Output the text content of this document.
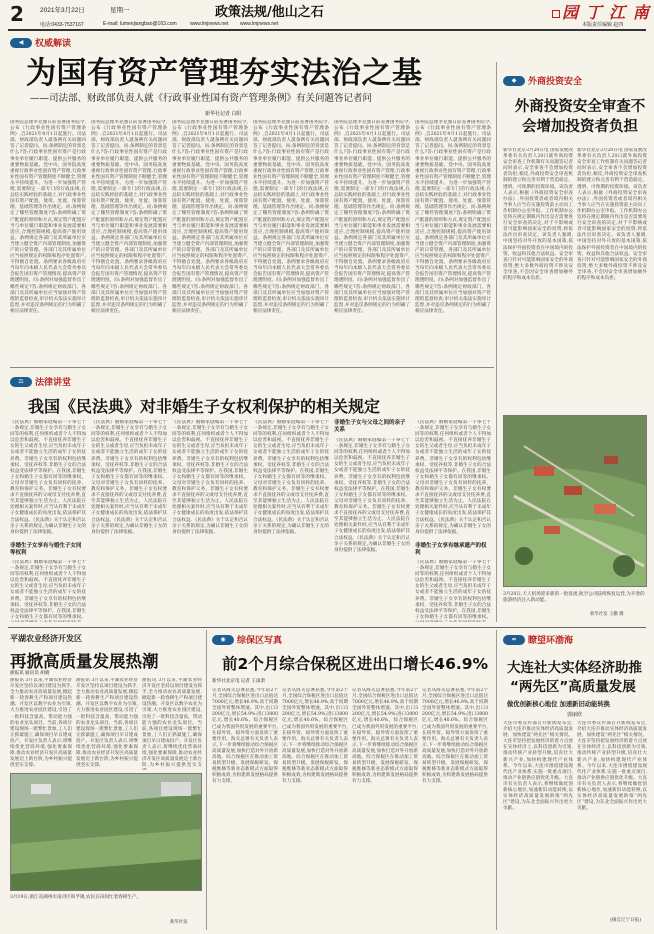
2 2021年3月22日	星期一	政策法规/他山之石	园 丁 江 南
电话:0433-7537167	E-mail: lumenjiangbao@163.com	www.lmjnews.net www.lmjnews.net	本版责任编辑 赵四
◀	权威解读
为国有资产管理夯实法治之基
——司法部、财政部负责人就《行政事业性国有资产管理条例》有关问题答记者问
新华社记者 白阳
国务院总理李克强日前签署国务院令,公布《行政事业性国有资产管理条例》,自2021年4月1日起施行。司法部、财政部负责人就条例有关问题回答了记者提问。问:条例制定的背景是什么?答:行政事业性国有资产是行政事业单位履行职能、提供公共服务的重要物质基础。党中央、国务院高度重视行政事业性国有资产管理,行政事业性国有资产管理制度不断健全,管理水平持续提升。为进一步加强资产管理,需要制定一部专门的行政法规,在总结实践经验的基础上,对行政事业性国有资产配置、使用、处置、预算管理、基础管理等作出规定。问:条例规定了哪些管理制度?答:条例明确了资产配置的原则和方式,规定资产配置应当与单位履行职能和事业发展需要相适应,合理控制规模,提高资产使用效益。条例规定各部门及其所属单位应当建立健全资产内部管理制度,加强资产的日常管理。各部门及其所属单位应当按照规定的权限和程序处置资产,不得擅自处置。条例要求各级政府应当每年向本级人民代表大会常务委员会报告国有资产管理情况,提高资产管理透明度。问:条例对加强监督作出了哪些规定?答:条例规定财政部门、各部门及其所属单位应当加强对资产管理的监督检查,审计机关依法实施审计监督,并对违反条例规定的行为明确了相应法律责任。
国务院总理李克强日前签署国务院令,公布《行政事业性国有资产管理条例》,自2021年4月1日起施行。司法部、财政部负责人就条例有关问题回答了记者提问。问:条例制定的背景是什么?答:行政事业性国有资产是行政事业单位履行职能、提供公共服务的重要物质基础。党中央、国务院高度重视行政事业性国有资产管理,行政事业性国有资产管理制度不断健全,管理水平持续提升。为进一步加强资产管理,需要制定一部专门的行政法规,在总结实践经验的基础上,对行政事业性国有资产配置、使用、处置、预算管理、基础管理等作出规定。问:条例规定了哪些管理制度?答:条例明确了资产配置的原则和方式,规定资产配置应当与单位履行职能和事业发展需要相适应,合理控制规模,提高资产使用效益。条例规定各部门及其所属单位应当建立健全资产内部管理制度,加强资产的日常管理。各部门及其所属单位应当按照规定的权限和程序处置资产,不得擅自处置。条例要求各级政府应当每年向本级人民代表大会常务委员会报告国有资产管理情况,提高资产管理透明度。问:条例对加强监督作出了哪些规定?答:条例规定财政部门、各部门及其所属单位应当加强对资产管理的监督检查,审计机关依法实施审计监督,并对违反条例规定的行为明确了相应法律责任。
国务院总理李克强日前签署国务院令,公布《行政事业性国有资产管理条例》,自2021年4月1日起施行。司法部、财政部负责人就条例有关问题回答了记者提问。问:条例制定的背景是什么?答:行政事业性国有资产是行政事业单位履行职能、提供公共服务的重要物质基础。党中央、国务院高度重视行政事业性国有资产管理,行政事业性国有资产管理制度不断健全,管理水平持续提升。为进一步加强资产管理,需要制定一部专门的行政法规,在总结实践经验的基础上,对行政事业性国有资产配置、使用、处置、预算管理、基础管理等作出规定。问:条例规定了哪些管理制度?答:条例明确了资产配置的原则和方式,规定资产配置应当与单位履行职能和事业发展需要相适应,合理控制规模,提高资产使用效益。条例规定各部门及其所属单位应当建立健全资产内部管理制度,加强资产的日常管理。各部门及其所属单位应当按照规定的权限和程序处置资产,不得擅自处置。条例要求各级政府应当每年向本级人民代表大会常务委员会报告国有资产管理情况,提高资产管理透明度。问:条例对加强监督作出了哪些规定?答:条例规定财政部门、各部门及其所属单位应当加强对资产管理的监督检查,审计机关依法实施审计监督,并对违反条例规定的行为明确了相应法律责任。
国务院总理李克强日前签署国务院令,公布《行政事业性国有资产管理条例》,自2021年4月1日起施行。司法部、财政部负责人就条例有关问题回答了记者提问。问:条例制定的背景是什么?答:行政事业性国有资产是行政事业单位履行职能、提供公共服务的重要物质基础。党中央、国务院高度重视行政事业性国有资产管理,行政事业性国有资产管理制度不断健全,管理水平持续提升。为进一步加强资产管理,需要制定一部专门的行政法规,在总结实践经验的基础上,对行政事业性国有资产配置、使用、处置、预算管理、基础管理等作出规定。问:条例规定了哪些管理制度?答:条例明确了资产配置的原则和方式,规定资产配置应当与单位履行职能和事业发展需要相适应,合理控制规模,提高资产使用效益。条例规定各部门及其所属单位应当建立健全资产内部管理制度,加强资产的日常管理。各部门及其所属单位应当按照规定的权限和程序处置资产,不得擅自处置。条例要求各级政府应当每年向本级人民代表大会常务委员会报告国有资产管理情况,提高资产管理透明度。问:条例对加强监督作出了哪些规定?答:条例规定财政部门、各部门及其所属单位应当加强对资产管理的监督检查,审计机关依法实施审计监督,并对违反条例规定的行为明确了相应法律责任。
国务院总理李克强日前签署国务院令,公布《行政事业性国有资产管理条例》,自2021年4月1日起施行。司法部、财政部负责人就条例有关问题回答了记者提问。问:条例制定的背景是什么?答:行政事业性国有资产是行政事业单位履行职能、提供公共服务的重要物质基础。党中央、国务院高度重视行政事业性国有资产管理,行政事业性国有资产管理制度不断健全,管理水平持续提升。为进一步加强资产管理,需要制定一部专门的行政法规,在总结实践经验的基础上,对行政事业性国有资产配置、使用、处置、预算管理、基础管理等作出规定。问:条例规定了哪些管理制度?答:条例明确了资产配置的原则和方式,规定资产配置应当与单位履行职能和事业发展需要相适应,合理控制规模,提高资产使用效益。条例规定各部门及其所属单位应当建立健全资产内部管理制度,加强资产的日常管理。各部门及其所属单位应当按照规定的权限和程序处置资产,不得擅自处置。条例要求各级政府应当每年向本级人民代表大会常务委员会报告国有资产管理情况,提高资产管理透明度。问:条例对加强监督作出了哪些规定?答:条例规定财政部门、各部门及其所属单位应当加强对资产管理的监督检查,审计机关依法实施审计监督,并对违反条例规定的行为明确了相应法律责任。
国务院总理李克强日前签署国务院令,公布《行政事业性国有资产管理条例》,自2021年4月1日起施行。司法部、财政部负责人就条例有关问题回答了记者提问。问:条例制定的背景是什么?答:行政事业性国有资产是行政事业单位履行职能、提供公共服务的重要物质基础。党中央、国务院高度重视行政事业性国有资产管理,行政事业性国有资产管理制度不断健全,管理水平持续提升。为进一步加强资产管理,需要制定一部专门的行政法规,在总结实践经验的基础上,对行政事业性国有资产配置、使用、处置、预算管理、基础管理等作出规定。问:条例规定了哪些管理制度?答:条例明确了资产配置的原则和方式,规定资产配置应当与单位履行职能和事业发展需要相适应,合理控制规模,提高资产使用效益。条例规定各部门及其所属单位应当建立健全资产内部管理制度,加强资产的日常管理。各部门及其所属单位应当按照规定的权限和程序处置资产,不得擅自处置。条例要求各级政府应当每年向本级人民代表大会常务委员会报告国有资产管理情况,提高资产管理透明度。问:条例对加强监督作出了哪些规定?答:条例规定财政部门、各部门及其所属单位应当加强对资产管理的监督检查,审计机关依法实施审计监督,并对违反条例规定的行为明确了相应法律责任。
⚖	法律讲堂
我国《民法典》对非婚生子女权利保护的相关规定
《民法典》婚姻家庭编第一千零七十一条规定,非婚生子女享有与婚生子女同等的权利,任何组织或者个人不得加以危害和歧视。不直接抚养非婚生子女的生父或者生母,应当负担未成年子女或者不能独立生活的成年子女的抚养费。非婚生子女享有的权利包括继承权、受抚养权等,非婚生子女的合法权益受法律平等保护。在我国,非婚生子女和婚生子女都有同等的继承权。父母对非婚生子女负有同样的抚养、教育和保护义务。非婚生子女有权要求不直接抚养的父或母支付抚养费,直至其能够独立生活为止。人民法院在处理相关案件时,应当从有利于未成年子女健康成长的角度出发,依法保护其合法权益。《民法典》关于认定和否认亲子关系的规定,为确认非婚生子女的身份提供了法律依据。
非婚生子女享有与婚生子女同等权利
《民法典》婚姻家庭编第一千零七十一条规定,非婚生子女享有与婚生子女同等的权利,任何组织或者个人不得加以危害和歧视。不直接抚养非婚生子女的生父或者生母,应当负担未成年子女或者不能独立生活的成年子女的抚养费。非婚生子女享有的权利包括继承权、受抚养权等,非婚生子女的合法权益受法律平等保护。在我国,非婚生子女和婚生子女都有同等的继承权。
《民法典》婚姻家庭编第一千零七十一条规定,非婚生子女享有与婚生子女同等的权利,任何组织或者个人不得加以危害和歧视。不直接抚养非婚生子女的生父或者生母,应当负担未成年子女或者不能独立生活的成年子女的抚养费。非婚生子女享有的权利包括继承权、受抚养权等,非婚生子女的合法权益受法律平等保护。在我国,非婚生子女和婚生子女都有同等的继承权。父母对非婚生子女负有同样的抚养、教育和保护义务。非婚生子女有权要求不直接抚养的父或母支付抚养费,直至其能够独立生活为止。人民法院在处理相关案件时,应当从有利于未成年子女健康成长的角度出发,依法保护其合法权益。《民法典》关于认定和否认亲子关系的规定,为确认非婚生子女的身份提供了法律依据。
《民法典》婚姻家庭编第一千零七十一条规定,非婚生子女享有与婚生子女同等的权利,任何组织或者个人不得加以危害和歧视。不直接抚养非婚生子女的生父或者生母,应当负担未成年子女或者不能独立生活的成年子女的抚养费。非婚生子女享有的权利包括继承权、受抚养权等,非婚生子女的合法权益受法律平等保护。在我国,非婚生子女和婚生子女都有同等的继承权。父母对非婚生子女负有同样的抚养、教育和保护义务。非婚生子女有权要求不直接抚养的父或母支付抚养费,直至其能够独立生活为止。人民法院在处理相关案件时,应当从有利于未成年子女健康成长的角度出发,依法保护其合法权益。《民法典》关于认定和否认亲子关系的规定,为确认非婚生子女的身份提供了法律依据。
《民法典》婚姻家庭编第一千零七十一条规定,非婚生子女享有与婚生子女同等的权利,任何组织或者个人不得加以危害和歧视。不直接抚养非婚生子女的生父或者生母,应当负担未成年子女或者不能独立生活的成年子女的抚养费。非婚生子女享有的权利包括继承权、受抚养权等,非婚生子女的合法权益受法律平等保护。在我国,非婚生子女和婚生子女都有同等的继承权。父母对非婚生子女负有同样的抚养、教育和保护义务。非婚生子女有权要求不直接抚养的父或母支付抚养费,直至其能够独立生活为止。人民法院在处理相关案件时,应当从有利于未成年子女健康成长的角度出发,依法保护其合法权益。《民法典》关于认定和否认亲子关系的规定,为确认非婚生子女的身份提供了法律依据。
非婚生子女与父母之间的亲子关系
《民法典》婚姻家庭编第一千零七十一条规定,非婚生子女享有与婚生子女同等的权利,任何组织或者个人不得加以危害和歧视。不直接抚养非婚生子女的生父或者生母,应当负担未成年子女或者不能独立生活的成年子女的抚养费。非婚生子女享有的权利包括继承权、受抚养权等,非婚生子女的合法权益受法律平等保护。在我国,非婚生子女和婚生子女都有同等的继承权。父母对非婚生子女负有同样的抚养、教育和保护义务。非婚生子女有权要求不直接抚养的父或母支付抚养费,直至其能够独立生活为止。人民法院在处理相关案件时,应当从有利于未成年子女健康成长的角度出发,依法保护其合法权益。《民法典》关于认定和否认亲子关系的规定,为确认非婚生子女的身份提供了法律依据。
《民法典》婚姻家庭编第一千零七十一条规定,非婚生子女享有与婚生子女同等的权利,任何组织或者个人不得加以危害和歧视。不直接抚养非婚生子女的生父或者生母,应当负担未成年子女或者不能独立生活的成年子女的抚养费。非婚生子女享有的权利包括继承权、受抚养权等,非婚生子女的合法权益受法律平等保护。在我国,非婚生子女和婚生子女都有同等的继承权。父母对非婚生子女负有同样的抚养、教育和保护义务。非婚生子女有权要求不直接抚养的父或母支付抚养费,直至其能够独立生活为止。人民法院在处理相关案件时,应当从有利于未成年子女健康成长的角度出发,依法保护其合法权益。《民法典》关于认定和否认亲子关系的规定,为确认非婚生子女的身份提供了法律依据。
非婚生子女享有继承遗产的权利
《民法典》婚姻家庭编第一千零七十一条规定,非婚生子女享有与婚生子女同等的权利,任何组织或者个人不得加以危害和歧视。不直接抚养非婚生子女的生父或者生母,应当负担未成年子女或者不能独立生活的成年子女的抚养费。非婚生子女享有的权利包括继承权、受抚养权等,非婚生子女的合法权益受法律平等保护。在我国,非婚生子女和婚生子女都有同等的继承权。
◆	外商投资安全
外商投资安全审查不会增加投资者负担
新华社北京3月20日电 国家发展改革委有关负责人20日就外商投资安全审查工作机制有关问题答记者问时表示,安全审查不会增加投资者负担,相反,外商投资安全审查机制的建立和完善有利于营造稳定、透明、可预期的投资环境。该负责人表示,根据《外商投资安全审查办法》,外国投资者或者境内相关当事人应当在实施投资前主动向工作机制办公室申报。工作机制办公室将在规定期限内作出是否需要进行安全审查的决定,对于不影响或者可能影响国家安全的投资,将依法作出审查决定。该负责人强调,中国坚持对外开放的基本国策,依法保护外国投资者在中国境内的投资、收益和其他合法权益。安全审查只针对可能影响国家安全的外商投资,绝大多数外商投资不涉及安全审查,不会因安全审查增加额外的程序和成本负担。
新华社北京3月20日电 国家发展改革委有关负责人20日就外商投资安全审查工作机制有关问题答记者问时表示,安全审查不会增加投资者负担,相反,外商投资安全审查机制的建立和完善有利于营造稳定、透明、可预期的投资环境。该负责人表示,根据《外商投资安全审查办法》,外国投资者或者境内相关当事人应当在实施投资前主动向工作机制办公室申报。工作机制办公室将在规定期限内作出是否需要进行安全审查的决定,对于不影响或者可能影响国家安全的投资,将依法作出审查决定。该负责人强调,中国坚持对外开放的基本国策,依法保护外国投资者在中国境内的投资、收益和其他合法权益。安全审查只针对可能影响国家安全的外商投资,绝大多数外商投资不涉及安全审查,不会因安全审查增加额外的程序和成本负担。
3月20日,天人机场迎来新的一批客流,航空公司陆续恢复运营,为开春的旅游经济注入新动能。
新华社发 王鹏 摄
平湖农业经济开发区
再掀高质量发展热潮
浙报讯 通讯员 胡晓
浙报讯 3月以来,平湖农业经济开发区坚持以项目建设为抓手,全力推动农业高质量发展,掀起新一轮春耕生产和项目建设热潮。开发区以数字农业为引领,大力推进农业园区建设,引进了一批科技含量高、带动能力强的农业龙头项目。当前,各项目建设现场一派繁忙景象,工人们正抓紧施工,确保项目早日建成投产。开发区负责人表示,将继续优化营商环境,强化要素保障,推动农业经济开发区高质量发展迈上新台阶,为乡村振兴提供坚实支撑。
浙报讯 3月以来,平湖农业经济开发区坚持以项目建设为抓手,全力推动农业高质量发展,掀起新一轮春耕生产和项目建设热潮。开发区以数字农业为引领,大力推进农业园区建设,引进了一批科技含量高、带动能力强的农业龙头项目。当前,各项目建设现场一派繁忙景象,工人们正抓紧施工,确保项目早日建成投产。开发区负责人表示,将继续优化营商环境,强化要素保障,推动农业经济开发区高质量发展迈上新台阶,为乡村振兴提供坚实支撑。
浙报讯 3月以来,平湖农业经济开发区坚持以项目建设为抓手,全力推动农业高质量发展,掀起新一轮春耕生产和项目建设热潮。开发区以数字农业为引领,大力推进农业园区建设,引进了一批科技含量高、带动能力强的农业龙头项目。当前,各项目建设现场一派繁忙景象,工人们正抓紧施工,确保项目早日建成投产。开发区负责人表示,将继续优化营商环境,强化要素保障,推动农业经济开发区高质量发展迈上新台阶,为乡村振兴提供坚实支
3月19日,浙江省湖州市南浔区和孚镇,农民在田间忙着春耕生产。
新华社发
◉	综保区写真
前2个月综合保税区进出口增长46.9%
新华社北京电 记者 王雨萧
记者从海关总署获悉,今年前2个月,全国综合保税区进出口总值达7000亿元,增长46.9%,高于同期全国外贸整体增速。其中,出口3200亿元,增长54.9%;进口3800亿元,增长40.6%。综合保税区已成为我国外贸发展的重要平台,在稳外贸、稳外资方面发挥了重要作用。海关总署有关负责人表示,下一步将继续推动综合保税区高质量发展,加快打造对外开放新高地。综合保税区在推动加工贸易转型升级、发展保税研发、保税维修等新业态新模式方面取得积极成效,为构建新发展格局提供有力支撑。
记者从海关总署获悉,今年前2个月,全国综合保税区进出口总值达7000亿元,增长46.9%,高于同期全国外贸整体增速。其中,出口3200亿元,增长54.9%;进口3800亿元,增长40.6%。综合保税区已成为我国外贸发展的重要平台,在稳外贸、稳外资方面发挥了重要作用。海关总署有关负责人表示,下一步将继续推动综合保税区高质量发展,加快打造对外开放新高地。综合保税区在推动加工贸易转型升级、发展保税研发、保税维修等新业态新模式方面取得积极成效,为构建新发展格局提供有力支撑。
记者从海关总署获悉,今年前2个月,全国综合保税区进出口总值达7000亿元,增长46.9%,高于同期全国外贸整体增速。其中,出口3200亿元,增长54.9%;进口3800亿元,增长40.6%。综合保税区已成为我国外贸发展的重要平台,在稳外贸、稳外资方面发挥了重要作用。海关总署有关负责人表示,下一步将继续推动综合保税区高质量发展,加快打造对外开放新高地。综合保税区在推动加工贸易转型升级、发展保税研发、保税维修等新业态新模式方面取得积极成效,为构建新发展格局提供有力支撑。
记者从海关总署获悉,今年前2个月,全国综合保税区进出口总值达7000亿元,增长46.9%,高于同期全国外贸整体增速。其中,出口3200亿元,增长54.9%;进口3800亿元,增长40.6%。综合保税区已成为我国外贸发展的重要平台,在稳外贸、稳外资方面发挥了重要作用。海关总署有关负责人表示,下一步将继续推动综合保税区高质量发展,加快打造对外开放新高地。综合保税区在推动加工贸易转型升级、发展保税研发、保税维修等新业态新模式方面取得积极成效,为构建新发展格局提供有力支撑。
≈	瞭望环渤海
大连社大实体经济助推
“两先区”高质量发展
做优创新核心地位 加速新旧动能转换
郭丽欣
大连市委宣传部召开新闻发布会,介绍大连市推动实体经济高质量发展、加快建设“两先区”相关情况。大连市坚持把发展经济的着力点放在实体经济上,以科技创新为引领,推动传统产业转型升级,培育壮大新兴产业,加快构建现代产业体系。今年以来,大连市围绕建设现代化产业体系,实施一批重点项目,推动产业链供应链优化升级。大连市有关负责人表示,将继续做优创新核心地位,加速新旧动能转换,以实体经济高质量发展助推“两先区”建设,为东北全面振兴作出更大贡献。
大连市委宣传部召开新闻发布会,介绍大连市推动实体经济高质量发展、加快建设“两先区”相关情况。大连市坚持把发展经济的着力点放在实体经济上,以科技创新为引领,推动传统产业转型升级,培育壮大新兴产业,加快构建现代产业体系。今年以来,大连市围绕建设现代化产业体系,实施一批重点项目,推动产业链供应链优化升级。大连市有关负责人表示,将继续做优创新核心地位,加速新旧动能转换,以实体经济高质量发展助推“两先区”建设,为东北全面振兴作出更大贡献。
(摘自辽宁日报)
